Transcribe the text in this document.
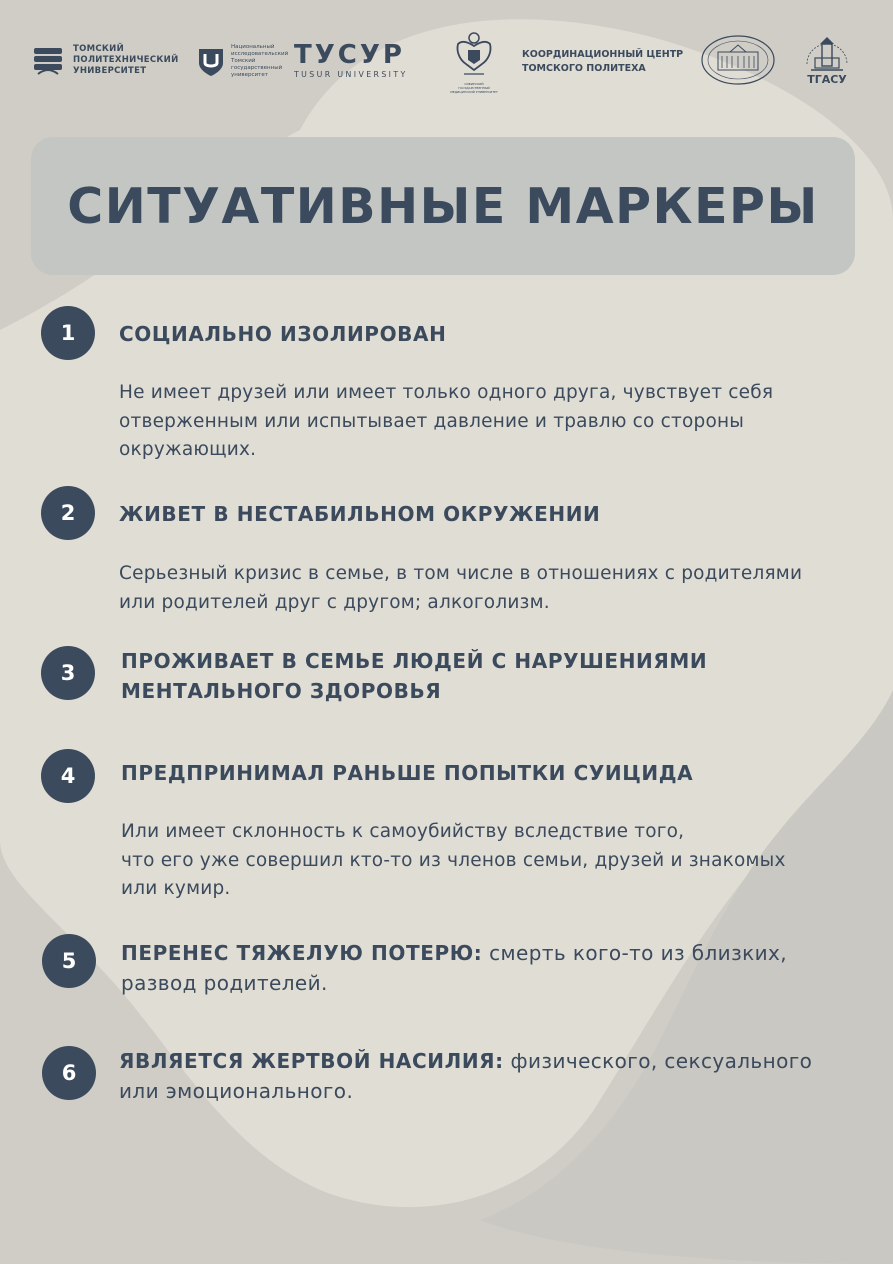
ТОМСКИЙ
ПОЛИТЕХНИЧЕСКИЙ
УНИВЕРСИТЕТ
Национальный
исследовательский
Томский
государственный
университет
ТУСУР
TUSUR UNIVERSITY
СИБИРСКИЙ ГОСУДАРСТВЕННЫЙ МЕДИЦИНСКИЙ УНИВЕРСИТЕТ
КООРДИНАЦИОННЫЙ ЦЕНТР
ТОМСКОГО ПОЛИТЕХА
ТГАСУ
СИТУАТИВНЫЕ МАРКЕРЫ
1	СОЦИАЛЬНО ИЗОЛИРОВАН
Не имеет друзей или имеет только одного друга, чувствует себя
отверженным или испытывает давление и травлю со стороны
окружающих.
2	ЖИВЕТ В НЕСТАБИЛЬНОМ ОКРУЖЕНИИ
Серьезный кризис в семье, в том числе в отношениях с родителями
или родителей друг с другом; алкоголизм.
3	ПРОЖИВАЕТ В СЕМЬЕ ЛЮДЕЙ С НАРУШЕНИЯМИ
МЕНТАЛЬНОГО ЗДОРОВЬЯ
4	ПРЕДПРИНИМАЛ РАНЬШЕ ПОПЫТКИ СУИЦИДА
Или имеет склонность к самоубийству вследствие того,
что его уже совершил кто-то из членов семьи, друзей и знакомых
или кумир.
5	ПЕРЕНЕС ТЯЖЕЛУЮ ПОТЕРЮ: смерть кого-то из близких,
развод родителей.
6	ЯВЛЯЕТСЯ ЖЕРТВОЙ НАСИЛИЯ: физического, сексуального
или эмоционального.
